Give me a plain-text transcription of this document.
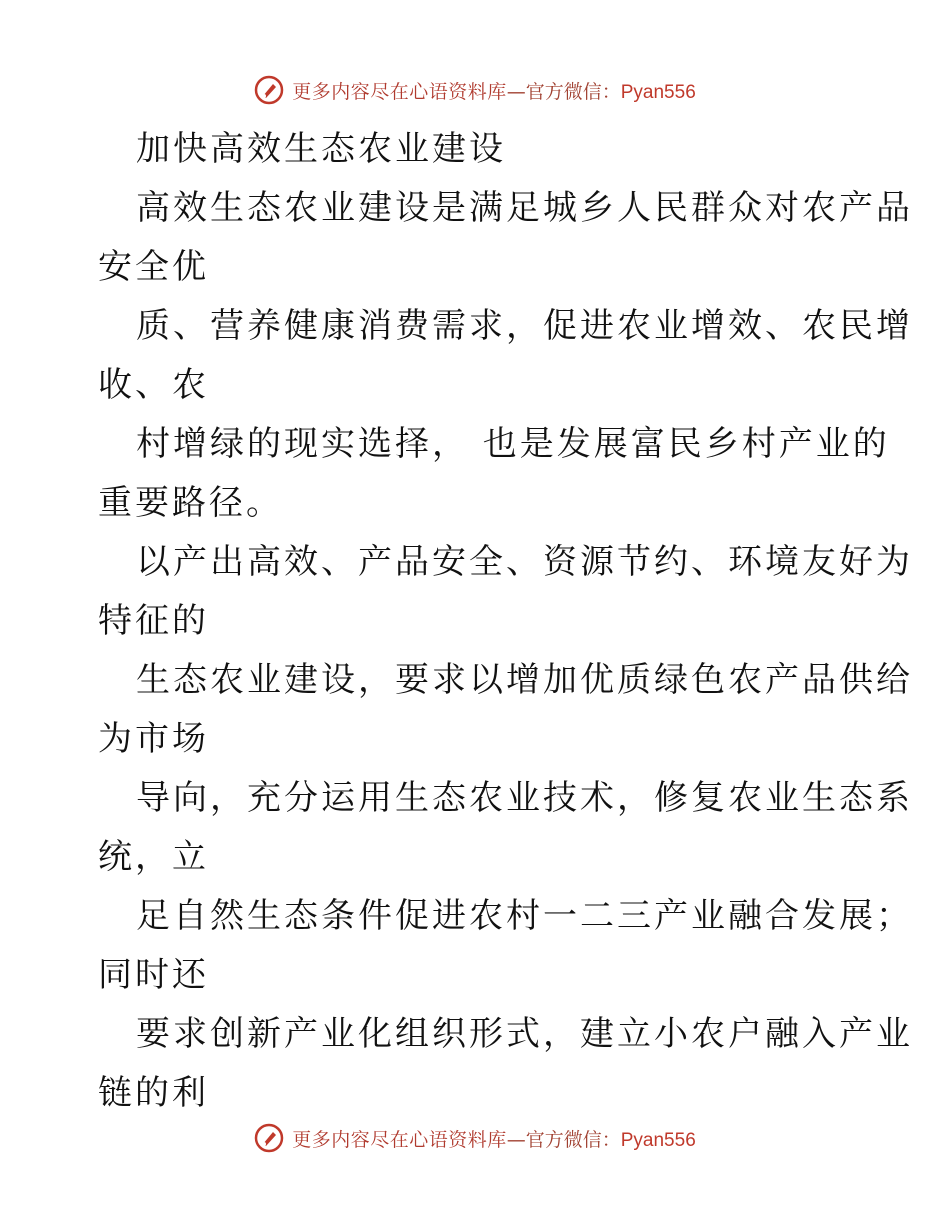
更多内容尽在心语资料库—官方微信：Pyan556
加快高效生态农业建设
高效生态农业建设是满足城乡人民群众对农产品
安全优
质、营养健康消费需求，促进农业增效、农民增
收、农
村增绿的现实选择， 也是发展富民乡村产业的
重要路径。
以产出高效、产品安全、资源节约、环境友好为
特征的
生态农业建设，要求以增加优质绿色农产品供给
为市场
导向，充分运用生态农业技术，修复农业生态系
统，立
足自然生态条件促进农村一二三产业融合发展；
同时还
要求创新产业化组织形式，建立小农户融入产业
链的利
更多内容尽在心语资料库—官方微信：Pyan556
